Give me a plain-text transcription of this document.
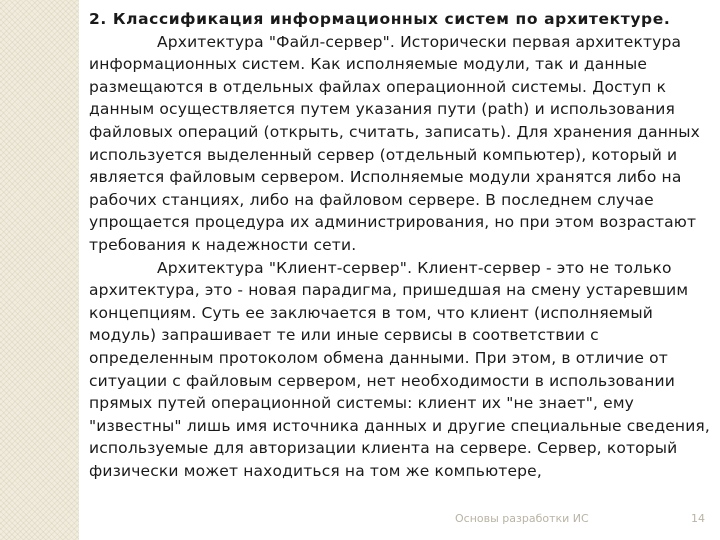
2. Классификация информационных систем по архитектуре.

Архитектура "Файл-сервер". Исторически первая архитектура информационных систем. Как исполняемые модули, так и данные размещаются в отдельных файлах операционной системы. Доступ к данным осуществляется путем указания пути (path) и использования файловых операций (открыть, считать, записать). Для хранения данных используется выделенный сервер (отдельный компьютер), который и является файловым сервером. Исполняемые модули хранятся либо на рабочих станциях, либо на файловом сервере. В последнем случае упрощается процедура их администрирования, но при этом возрастают требования к надежности сети.

Архитектура "Клиент-сервер". Клиент-сервер - это не только архитектура, это - новая парадигма, пришедшая на смену устаревшим концепциям. Суть ее заключается в том, что клиент (исполняемый модуль) запрашивает те или иные сервисы в соответствии с определенным протоколом обмена данными. При этом, в отличие от ситуации с файловым сервером, нет необходимости в использовании прямых путей операционной системы: клиент их "не знает", ему "известны" лишь имя источника данных и другие специальные сведения, используемые для авторизации клиента на сервере. Сервер, который физически может находиться на том же компьютере,

Основы разработки ИС	14
